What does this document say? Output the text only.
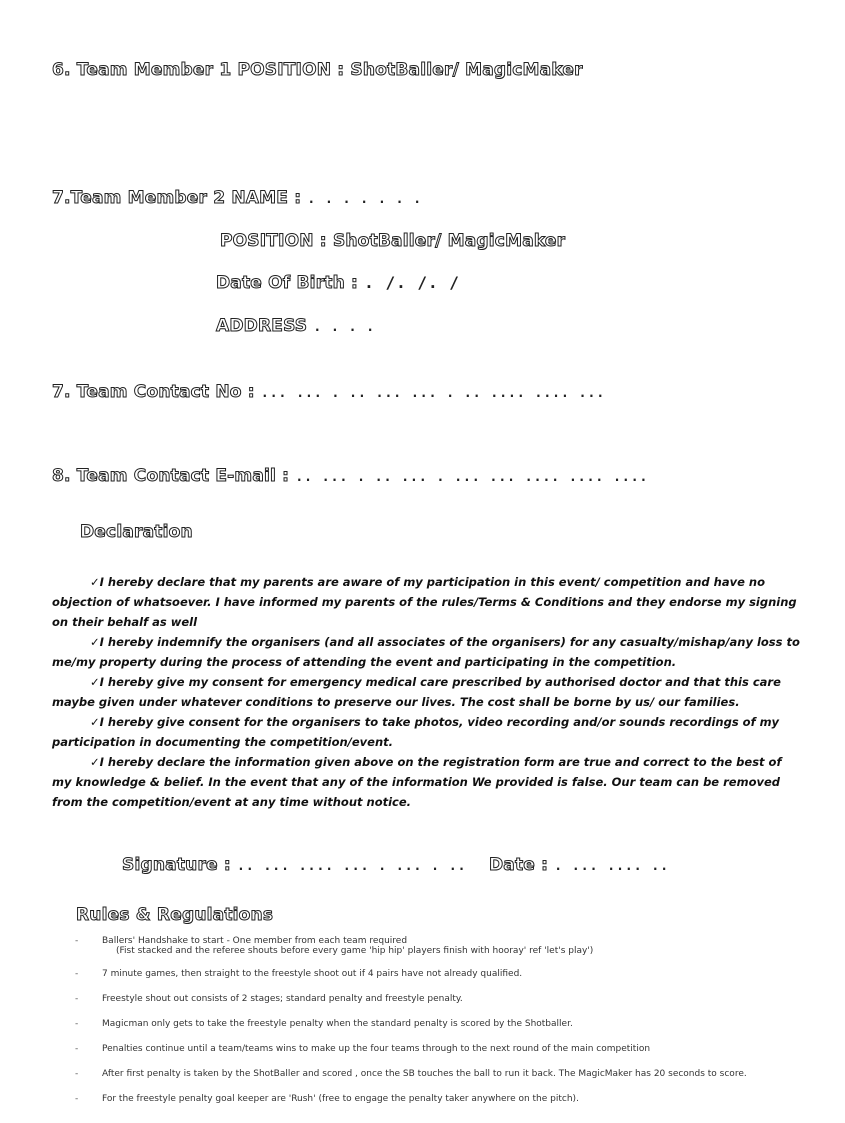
6. Team Member 1 POSITION : ShotBaller/ MagicMaker
7.Team Member 2 NAME : . . . . . . .
POSITION : ShotBaller/ MagicMaker
Date Of Birth : . /. /. /
ADDRESS . . . .
7. Team Contact No : ... ... . .. ... ... . .. .... .... ...
8. Team Contact E-mail : .. ... . .. ... . ... ... .... .... ....
Declaration

✓I hereby declare that my parents are aware of my participation in this event/ competition and have no objection of whatsoever. I have informed my parents of the rules/Terms & Conditions and they endorse my signing on their behalf as well

✓I hereby indemnify the organisers (and all associates of the organisers) for any casualty/mishap/any loss to me/my property during the process of attending the event and participating in the competition.

✓I hereby give my consent for emergency medical care prescribed by authorised doctor and that this care maybe given under whatever conditions to preserve our lives. The cost shall be borne by us/ our families.

✓I hereby give consent for the organisers to take photos, video recording and/or sounds recordings of my participation in documenting the competition/event.

✓I hereby declare the information given above on the registration form are true and correct to the best of my knowledge & belief. In the event that any of the information We provided is false. Our team can be removed from the competition/event at any time without notice.

Signature : .. ... .... ... . ... . .. Date : . ... .... ..
Rules & Regulations
- Ballers' Handshake to start - One member from each team required
(Fist stacked and the referee shouts before every game 'hip hip' players finish with hooray' ref 'let's play')
- 7 minute games, then straight to the freestyle shoot out if 4 pairs have not already qualified.
- Freestyle shout out consists of 2 stages; standard penalty and freestyle penalty.
- Magicman only gets to take the freestyle penalty when the standard penalty is scored by the Shotballer.
- Penalties continue until a team/teams wins to make up the four teams through to the next round of the main competition
- After first penalty is taken by the ShotBaller and scored , once the SB touches the ball to run it back. The MagicMaker has 20 seconds to score.
- For the freestyle penalty goal keeper are 'Rush' (free to engage the penalty taker anywhere on the pitch).
